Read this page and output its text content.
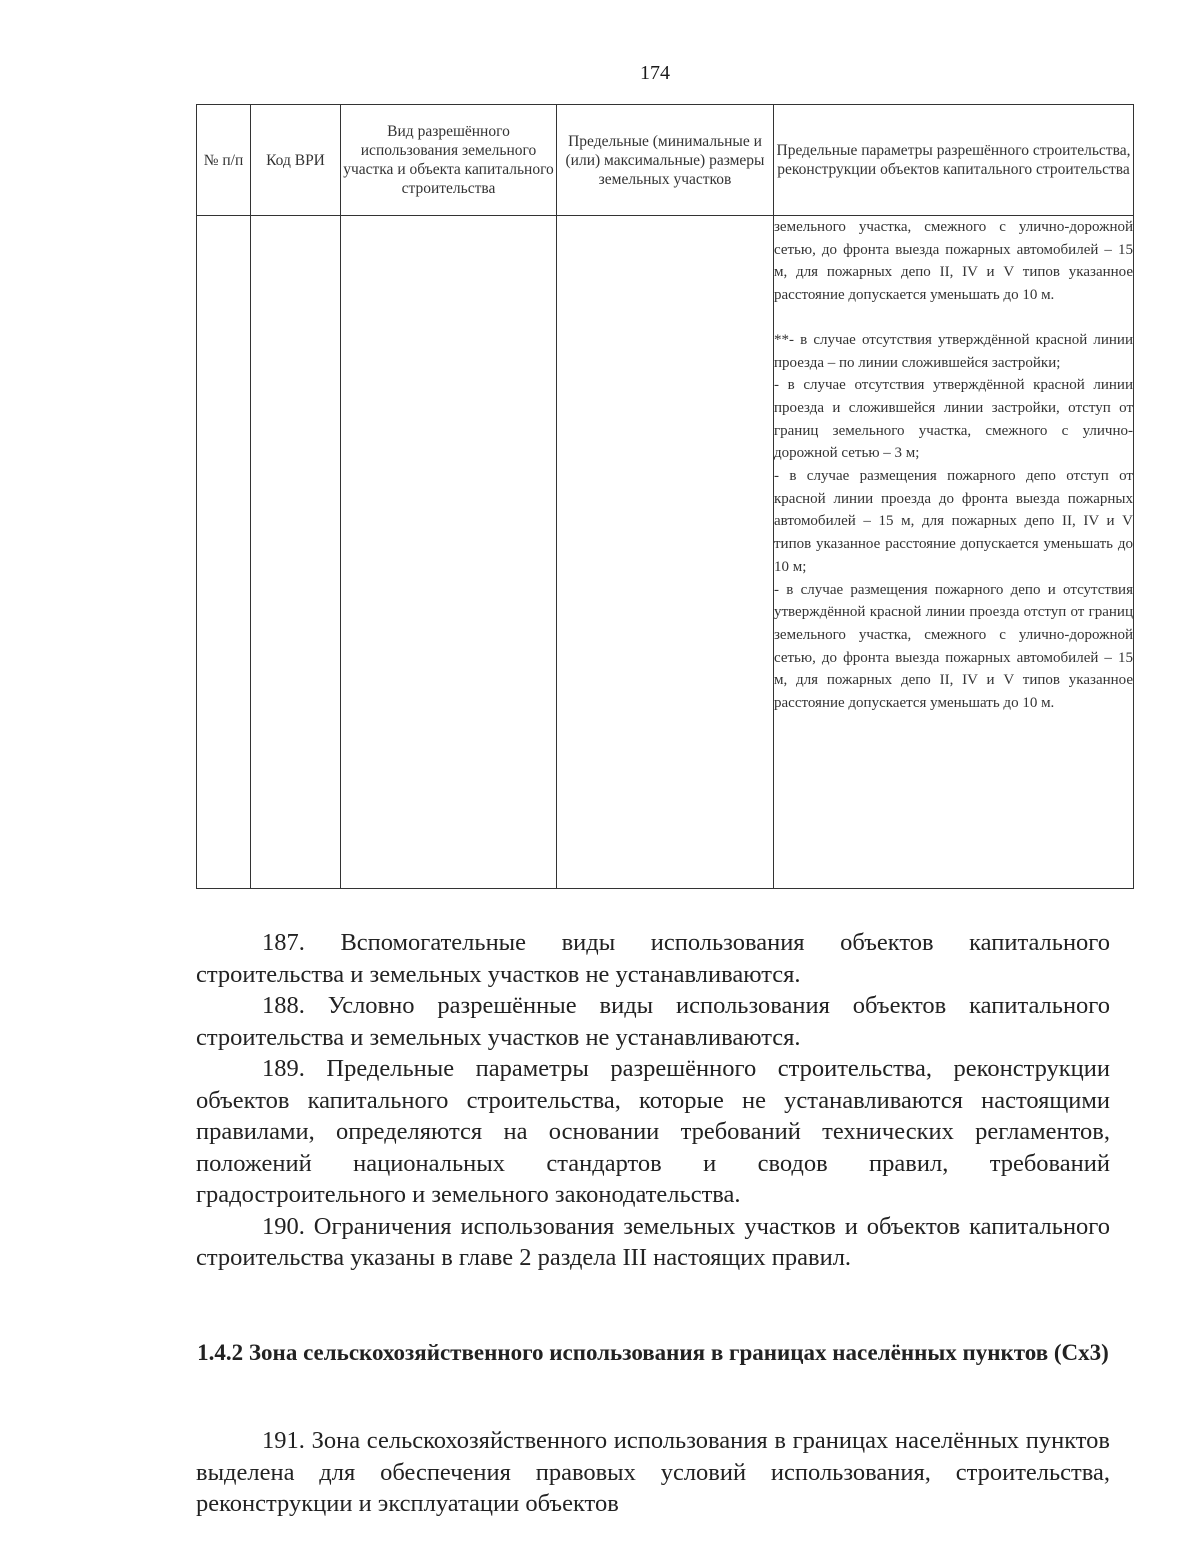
174
№ п/п	Код ВРИ	Вид разрешённого использования земельного участка и объекта капитального строительства	Предельные (минимальные и (или) максимальные) размеры земельных участков	Предельные параметры разрешённого строительства, реконструкции объектов капитального строительства

				земельного участка, смежного с улично-дорожной сетью, до фронта выезда пожарных автомобилей – 15 м, для пожарных депо II, IV и V типов указанное расстояние допускается уменьшать до 10 м.
**- в случае отсутствия утверждённой красной линии проезда – по линии сложившейся застройки;
- в случае отсутствия утверждённой красной линии проезда и сложившейся линии застройки, отступ от границ земельного участка, смежного с улично-дорожной сетью – 3 м;
- в случае размещения пожарного депо отступ от красной линии проезда до фронта выезда пожарных автомобилей – 15 м, для пожарных депо II, IV и V типов указанное расстояние допускается уменьшать до 10 м;
- в случае размещения пожарного депо и отсутствия утверждённой красной линии проезда отступ от границ земельного участка, смежного с улично-дорожной сетью, до фронта выезда пожарных автомобилей – 15 м, для пожарных депо II, IV и V типов указанное расстояние допускается уменьшать до 10 м.
187. Вспомогательные виды использования объектов капитального строительства и земельных участков не устанавливаются.
188. Условно разрешённые виды использования объектов капитального строительства и земельных участков не устанавливаются.
189. Предельные параметры разрешённого строительства, реконструкции объектов капитального строительства, которые не устанавливаются настоящими правилами, определяются на основании требований технических регламентов, положений национальных стандартов и сводов правил, требований градостроительного и земельного законодательства.
190. Ограничения использования земельных участков и объектов капитального строительства указаны в главе 2 раздела III настоящих правил.
1.4.2 Зона сельскохозяйственного использования в границах населённых пунктов (Сх3)
191. Зона сельскохозяйственного использования в границах населённых пунктов выделена для обеспечения правовых условий использования, строительства, реконструкции и эксплуатации объектов
